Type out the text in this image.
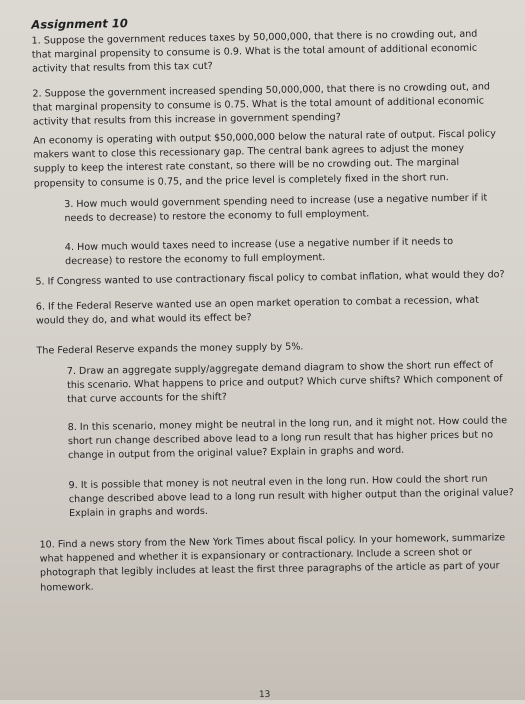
Assignment 10

1. Suppose the government reduces taxes by 50,000,000, that there is no crowding out, and that marginal propensity to consume is 0.9. What is the total amount of additional economic activity that results from this tax cut?

2. Suppose the government increased spending 50,000,000, that there is no crowding out, and that marginal propensity to consume is 0.75. What is the total amount of additional economic activity that results from this increase in government spending?

An economy is operating with output $50,000,000 below the natural rate of output. Fiscal policy makers want to close this recessionary gap. The central bank agrees to adjust the money supply to keep the interest rate constant, so there will be no crowding out. The marginal propensity to consume is 0.75, and the price level is completely fixed in the short run.

3. How much would government spending need to increase (use a negative number if it needs to decrease) to restore the economy to full employment.

4. How much would taxes need to increase (use a negative number if it needs to decrease) to restore the economy to full employment.

5. If Congress wanted to use contractionary fiscal policy to combat inflation, what would they do?

6. If the Federal Reserve wanted use an open market operation to combat a recession, what would they do, and what would its effect be?

The Federal Reserve expands the money supply by 5%.

7. Draw an aggregate supply/aggregate demand diagram to show the short run effect of this scenario. What happens to price and output? Which curve shifts? Which component of that curve accounts for the shift?

8. In this scenario, money might be neutral in the long run, and it might not. How could the short run change described above lead to a long run result that has higher prices but no change in output from the original value? Explain in graphs and word.

9. It is possible that money is not neutral even in the long run. How could the short run change described above lead to a long run result with higher output than the original value? Explain in graphs and words.

10. Find a news story from the New York Times about fiscal policy. In your homework, summarize what happened and whether it is expansionary or contractionary. Include a screen shot or photograph that legibly includes at least the first three paragraphs of the article as part of your homework.

13
